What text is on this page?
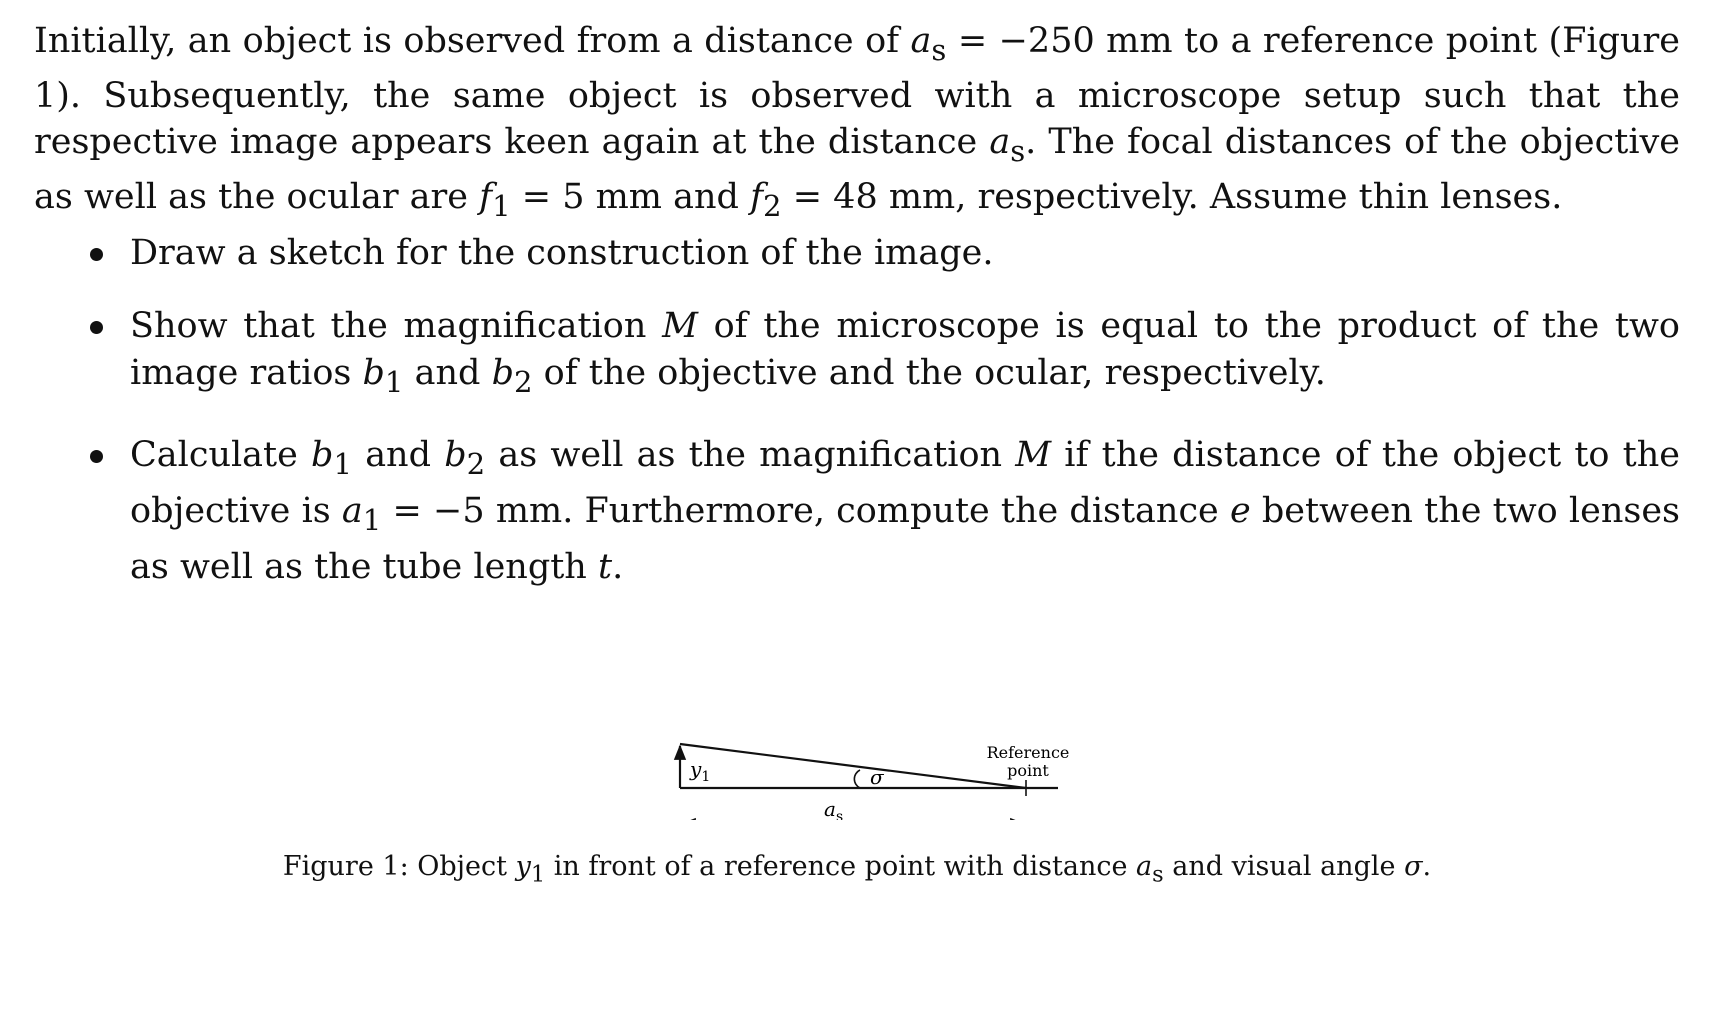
Initially, an object is observed from a distance of $a_s = -250$ mm to a reference point (Figure 1). Subsequently, the same object is observed with a microscope setup such that the respective image appears keen again at the distance $a_s$. The focal distances of the objective as well as the ocular are $f_1 = 5$ mm and $f_2 = 48$ mm, respectively. Assume thin lenses.
Draw a sketch for the construction of the image.
Show that the magnification M of the microscope is equal to the product of the two image ratios $b_1$ and $b_2$ of the objective and the ocular, respectively.
Calculate $b_1$ and $b_2$ as well as the magnification M if the distance of the object to the objective is $a_1 = -5$ mm. Furthermore, compute the distance e between the two lenses as well as the tube length t.
$y_1$	σ
$a_s$
Reference
point
Figure 1: Object $y_1$ in front of a reference point with distance $a_s$ and visual angle σ.
